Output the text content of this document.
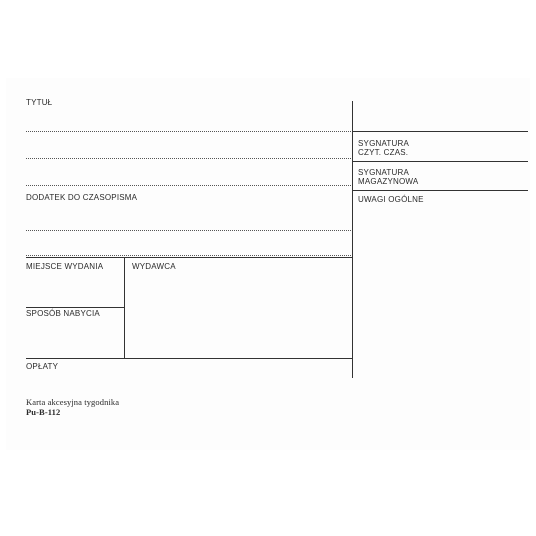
TYTUŁ
DODATEK DO CZASOPISMA
MIEJSCE WYDANIA	WYDAWCA
SPOSÓB NABYCIA
OPŁATY
SYGNATURA
CZYT. CZAS.
SYGNATURA
MAGAZYNOWA
UWAGI OGÓLNE
Karta akcesyjna tygodnika
Pu-B-112
